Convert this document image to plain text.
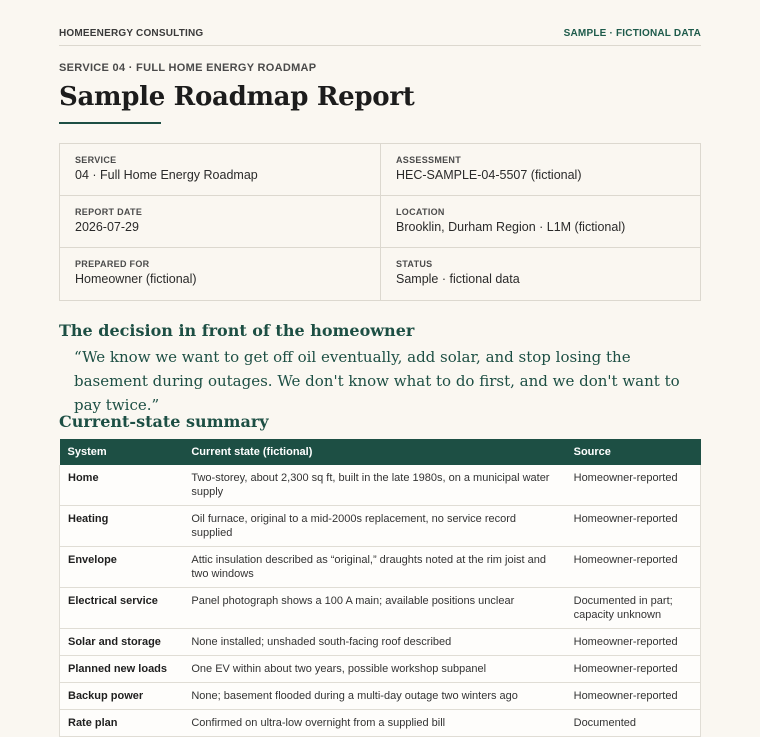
HOMEENERGY CONSULTING	SAMPLE · FICTIONAL DATA
SERVICE 04 · FULL HOME ENERGY ROADMAP
Sample Roadmap Report
SERVICE
04 · Full Home Energy Roadmap
ASSESSMENT
HEC-SAMPLE-04-5507 (fictional)
REPORT DATE
2026-07-29
LOCATION
Brooklin, Durham Region · L1M (fictional)
PREPARED FOR
Homeowner (fictional)
STATUS
Sample · fictional data
The decision in front of the homeowner
“We know we want to get off oil eventually, add solar, and stop losing the basement during outages. We don't know what to do first, and we don't want to pay twice.”
Current-state summary
System	Current state (fictional)	Source
Home	Two-storey, about 2,300 sq ft, built in the late 1980s, on a municipal water supply	Homeowner-reported
Heating	Oil furnace, original to a mid-2000s replacement, no service record supplied	Homeowner-reported
Envelope	Attic insulation described as “original,” draughts noted at the rim joist and two windows	Homeowner-reported
Electrical service	Panel photograph shows a 100 A main; available positions unclear	Documented in part; capacity unknown
Solar and storage	None installed; unshaded south-facing roof described	Homeowner-reported
Planned new loads	One EV within about two years, possible workshop subpanel	Homeowner-reported
Backup power	None; basement flooded during a multi-day outage two winters ago	Homeowner-reported
Rate plan	Confirmed on ultra-low overnight from a supplied bill	Documented
